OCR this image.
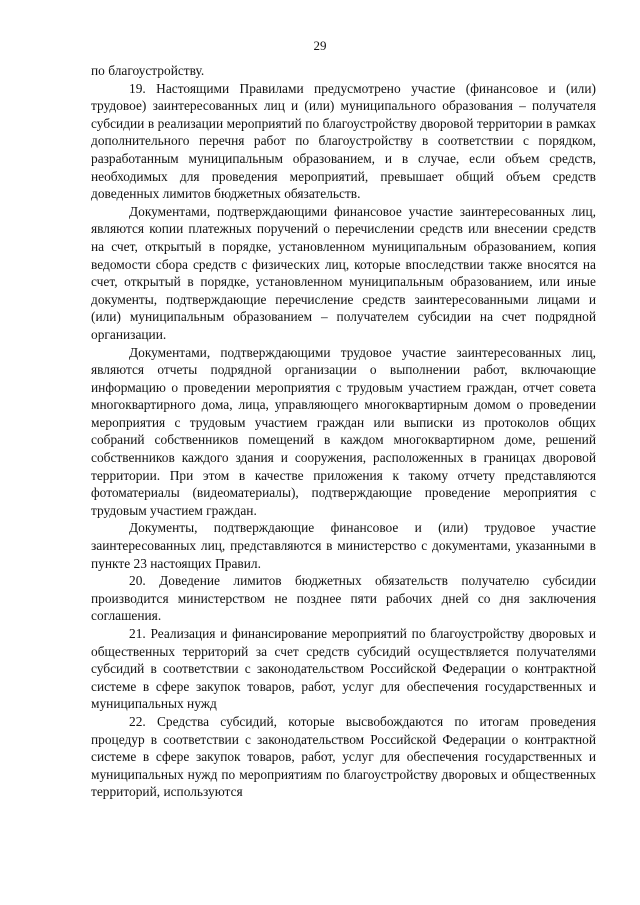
29

по благоустройству.

19. Настоящими Правилами предусмотрено участие (финансовое и (или) трудовое) заинтересованных лиц и (или) муниципального образования – получателя субсидии в реализации мероприятий по благоустройству дворовой территории в рамках дополнительного перечня работ по благоустройству в соответствии с порядком, разработанным муниципальным образованием, и в случае, если объем средств, необходимых для проведения мероприятий, превышает общий объем средств доведенных лимитов бюджетных обязательств.

Документами, подтверждающими финансовое участие заинтересованных лиц, являются копии платежных поручений о перечислении средств или внесении средств на счет, открытый в порядке, установленном муниципальным образованием, копия ведомости сбора средств с физических лиц, которые впоследствии также вносятся на счет, открытый в порядке, установленном муниципальным образованием, или иные документы, подтверждающие перечисление средств заинтересованными лицами и (или) муниципальным образованием – получателем субсидии на счет подрядной организации.

Документами, подтверждающими трудовое участие заинтересованных лиц, являются отчеты подрядной организации о выполнении работ, включающие информацию о проведении мероприятия с трудовым участием граждан, отчет совета многоквартирного дома, лица, управляющего многоквартирным домом о проведении мероприятия с трудовым участием граждан или выписки из протоколов общих собраний собственников помещений в каждом многоквартирном доме, решений собственников каждого здания и сооружения, расположенных в границах дворовой территории. При этом в качестве приложения к такому отчету представляются фотоматериалы (видеоматериалы), подтверждающие проведение мероприятия с трудовым участием граждан.

Документы, подтверждающие финансовое и (или) трудовое участие заинтересованных лиц, представляются в министерство с документами, указанными в пункте 23 настоящих Правил.

20. Доведение лимитов бюджетных обязательств получателю субсидии производится министерством не позднее пяти рабочих дней со дня заключения соглашения.

21. Реализация и финансирование мероприятий по благоустройству дворовых и общественных территорий за счет средств субсидий осуществляется получателями субсидий в соответствии с законодательством Российской Федерации о контрактной системе в сфере закупок товаров, работ, услуг для обеспечения государственных и муниципальных нужд

22. Средства субсидий, которые высвобождаются по итогам проведения процедур в соответствии с законодательством Российской Федерации о контрактной системе в сфере закупок товаров, работ, услуг для обеспечения государственных и муниципальных нужд по мероприятиям по благоустройству дворовых и общественных территорий, используются
